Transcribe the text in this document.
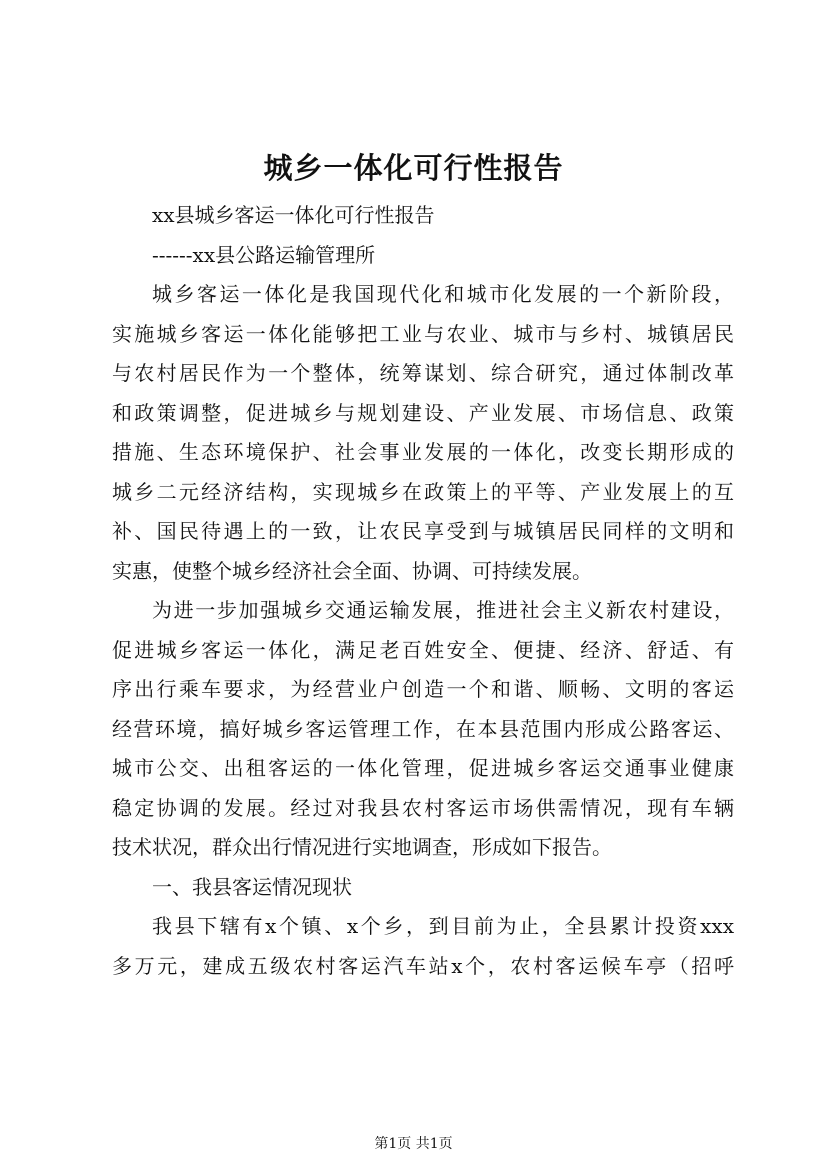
城乡一体化可行性报告
xx县城乡客运一体化可行性报告
------xx县公路运输管理所
城乡客运一体化是我国现代化和城市化发展的一个新阶段，
实施城乡客运一体化能够把工业与农业、城市与乡村、城镇居民
与农村居民作为一个整体，统筹谋划、综合研究，通过体制改革
和政策调整，促进城乡与规划建设、产业发展、市场信息、政策
措施、生态环境保护、社会事业发展的一体化，改变长期形成的
城乡二元经济结构，实现城乡在政策上的平等、产业发展上的互
补、国民待遇上的一致，让农民享受到与城镇居民同样的文明和
实惠，使整个城乡经济社会全面、协调、可持续发展。
为进一步加强城乡交通运输发展，推进社会主义新农村建设，
促进城乡客运一体化，满足老百姓安全、便捷、经济、舒适、有
序出行乘车要求，为经营业户创造一个和谐、顺畅、文明的客运
经营环境，搞好城乡客运管理工作，在本县范围内形成公路客运、
城市公交、出租客运的一体化管理，促进城乡客运交通事业健康
稳定协调的发展。经过对我县农村客运市场供需情况，现有车辆
技术状况，群众出行情况进行实地调查，形成如下报告。
一、我县客运情况现状
我县下辖有x个镇、x个乡，到目前为止，全县累计投资xxx
多万元，建成五级农村客运汽车站x个，农村客运候车亭（招呼
第1页 共1页
